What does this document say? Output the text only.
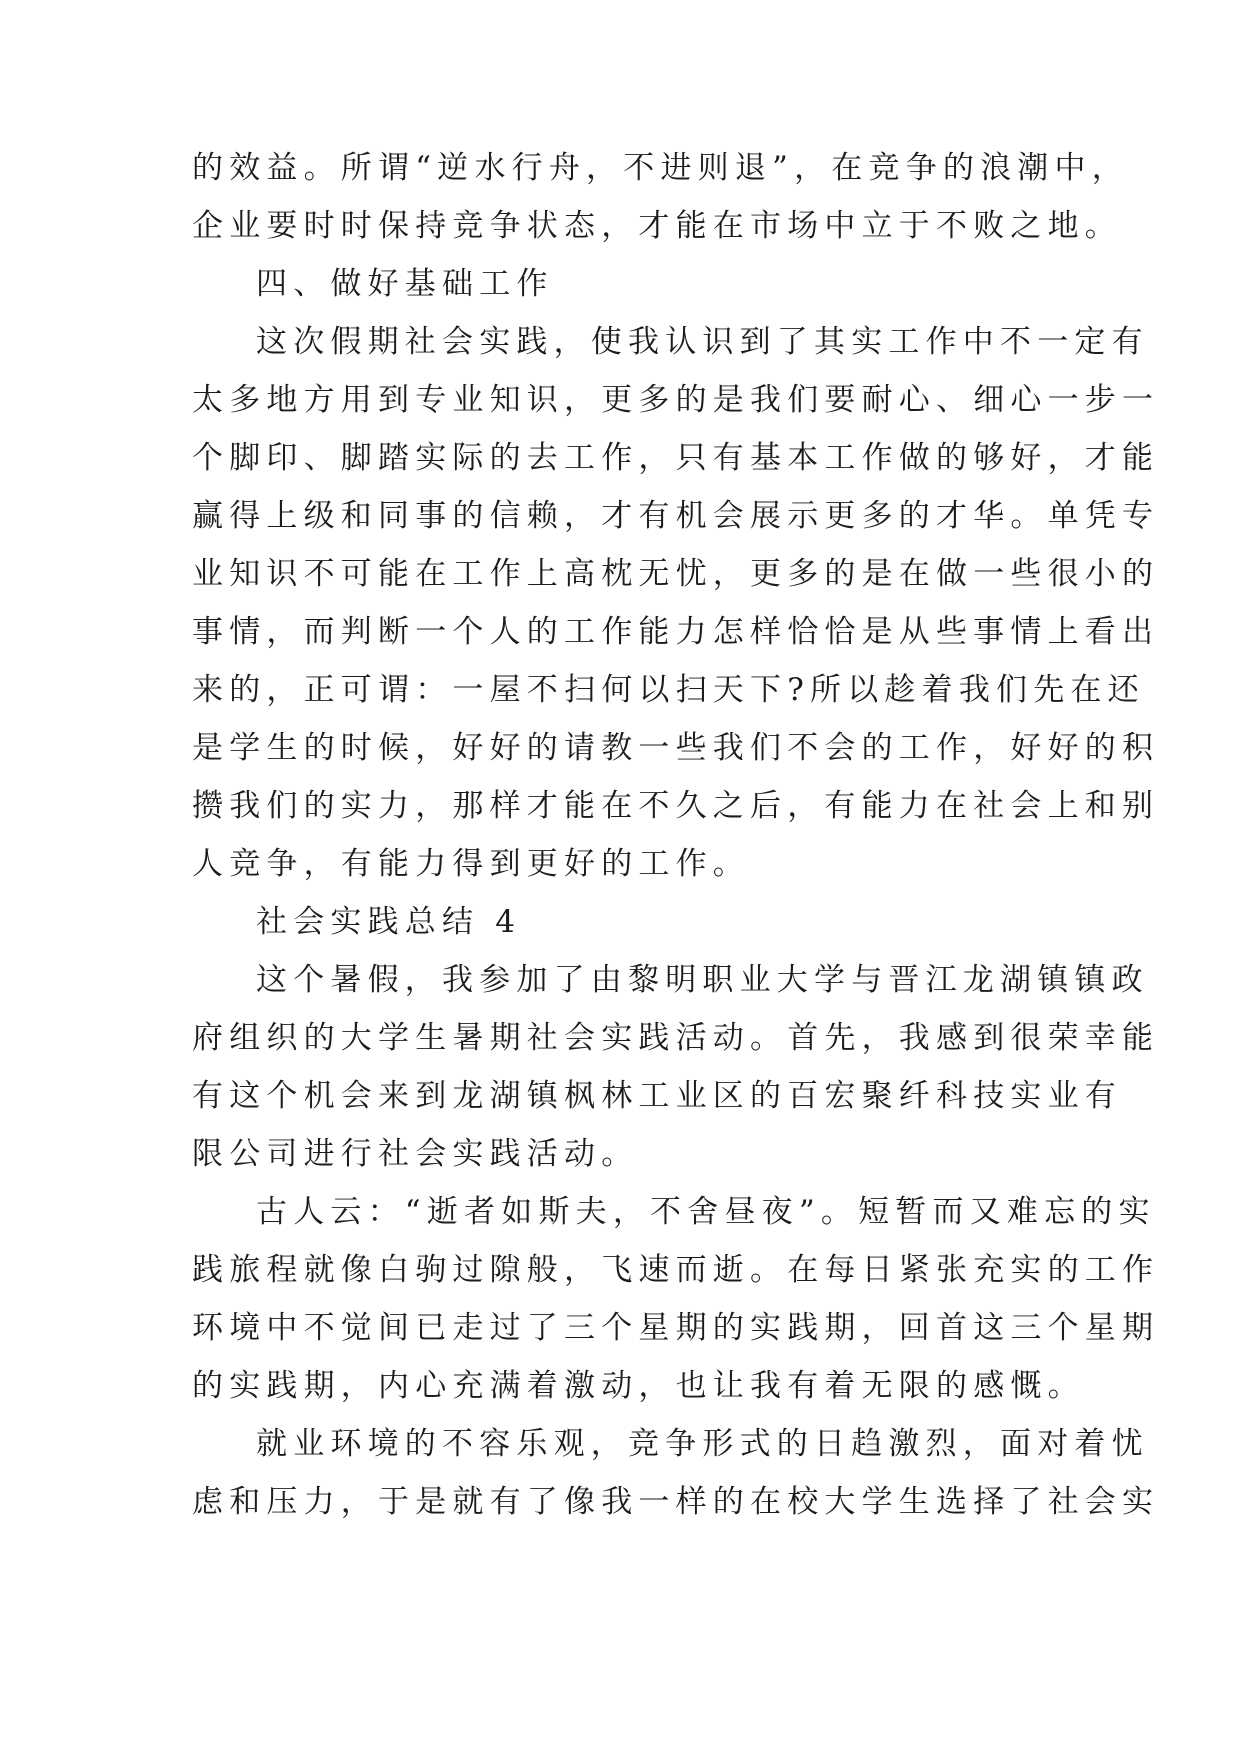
的效益。所谓“逆水行舟，不进则退”，在竞争的浪潮中，
企业要时时保持竞争状态，才能在市场中立于不败之地。
四、做好基础工作
这次假期社会实践，使我认识到了其实工作中不一定有
太多地方用到专业知识，更多的是我们要耐心、细心一步一
个脚印、脚踏实际的去工作，只有基本工作做的够好，才能
赢得上级和同事的信赖，才有机会展示更多的才华。单凭专
业知识不可能在工作上高枕无忧，更多的是在做一些很小的
事情，而判断一个人的工作能力怎样恰恰是从些事情上看出
来的，正可谓：一屋不扫何以扫天下?所以趁着我们先在还
是学生的时候，好好的请教一些我们不会的工作，好好的积
攒我们的实力，那样才能在不久之后，有能力在社会上和别
人竞争，有能力得到更好的工作。
社会实践总结 4
这个暑假，我参加了由黎明职业大学与晋江龙湖镇镇政
府组织的大学生暑期社会实践活动。首先，我感到很荣幸能
有这个机会来到龙湖镇枫林工业区的百宏聚纤科技实业有
限公司进行社会实践活动。
古人云：“逝者如斯夫，不舍昼夜”。短暂而又难忘的实
践旅程就像白驹过隙般，飞速而逝。在每日紧张充实的工作
环境中不觉间已走过了三个星期的实践期，回首这三个星期
的实践期，内心充满着激动，也让我有着无限的感慨。
就业环境的不容乐观，竞争形式的日趋激烈，面对着忧
虑和压力，于是就有了像我一样的在校大学生选择了社会实
